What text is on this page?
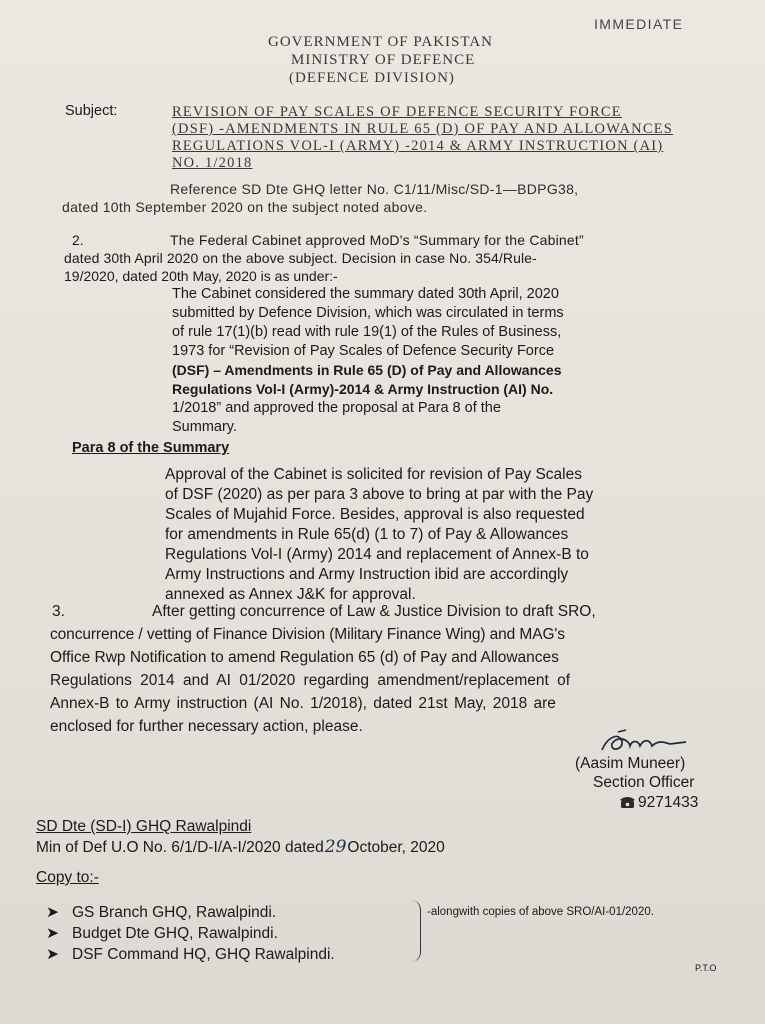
IMMEDIATE
GOVERNMENT OF PAKISTAN
MINISTRY OF DEFENCE
(DEFENCE DIVISION)
Subject:	REVISION OF PAY SCALES OF DEFENCE SECURITY FORCE
(DSF) -AMENDMENTS IN RULE 65 (D) OF PAY AND ALLOWANCES
REGULATIONS VOL-I (ARMY) -2014 & ARMY INSTRUCTION (AI)
NO. 1/2018
Reference SD Dte GHQ letter No. C1/11/Misc/SD-1—BDPG38,
dated 10th September 2020 on the subject noted above.
2.	The Federal Cabinet approved MoD's “Summary for the Cabinet”
dated 30th April 2020 on the above subject. Decision in case No. 354/Rule-
19/2020, dated 20th May, 2020 is as under:-
The Cabinet considered the summary dated 30th April, 2020
submitted by Defence Division, which was circulated in terms
of rule 17(1)(b) read with rule 19(1) of the Rules of Business,
1973 for “Revision of Pay Scales of Defence Security Force
(DSF) – Amendments in Rule 65 (D) of Pay and Allowances
Regulations Vol-I (Army)-2014 & Army Instruction (AI) No.
1/2018” and approved the proposal at Para 8 of the
Summary.
Para 8 of the Summary
Approval of the Cabinet is solicited for revision of Pay Scales
of DSF (2020) as per para 3 above to bring at par with the Pay
Scales of Mujahid Force. Besides, approval is also requested
for amendments in Rule 65(d) (1 to 7) of Pay & Allowances
Regulations Vol-I (Army) 2014 and replacement of Annex-B to
Army Instructions and Army Instruction ibid are accordingly
annexed as Annex J&K for approval.
3.	After getting concurrence of Law & Justice Division to draft SRO,
concurrence / vetting of Finance Division (Military Finance Wing) and MAG's
Office Rwp Notification to amend Regulation 65 (d) of Pay and Allowances
Regulations 2014 and AI 01/2020 regarding amendment/replacement of
Annex-B to Army instruction (AI No. 1/2018), dated 21st May, 2018 are
enclosed for further necessary action, please.
(Aasim Muneer)
Section Officer
9271433
SD Dte (SD-I) GHQ Rawalpindi
Min of Def U.O No. 6/1/D-I/A-I/2020 dated29October, 2020
Copy to:-
➤ GS Branch GHQ, Rawalpindi.
➤ Budget Dte GHQ, Rawalpindi.
➤ DSF Command HQ, GHQ Rawalpindi.
-alongwith copies of above SRO/AI-01/2020.
P.T.O
